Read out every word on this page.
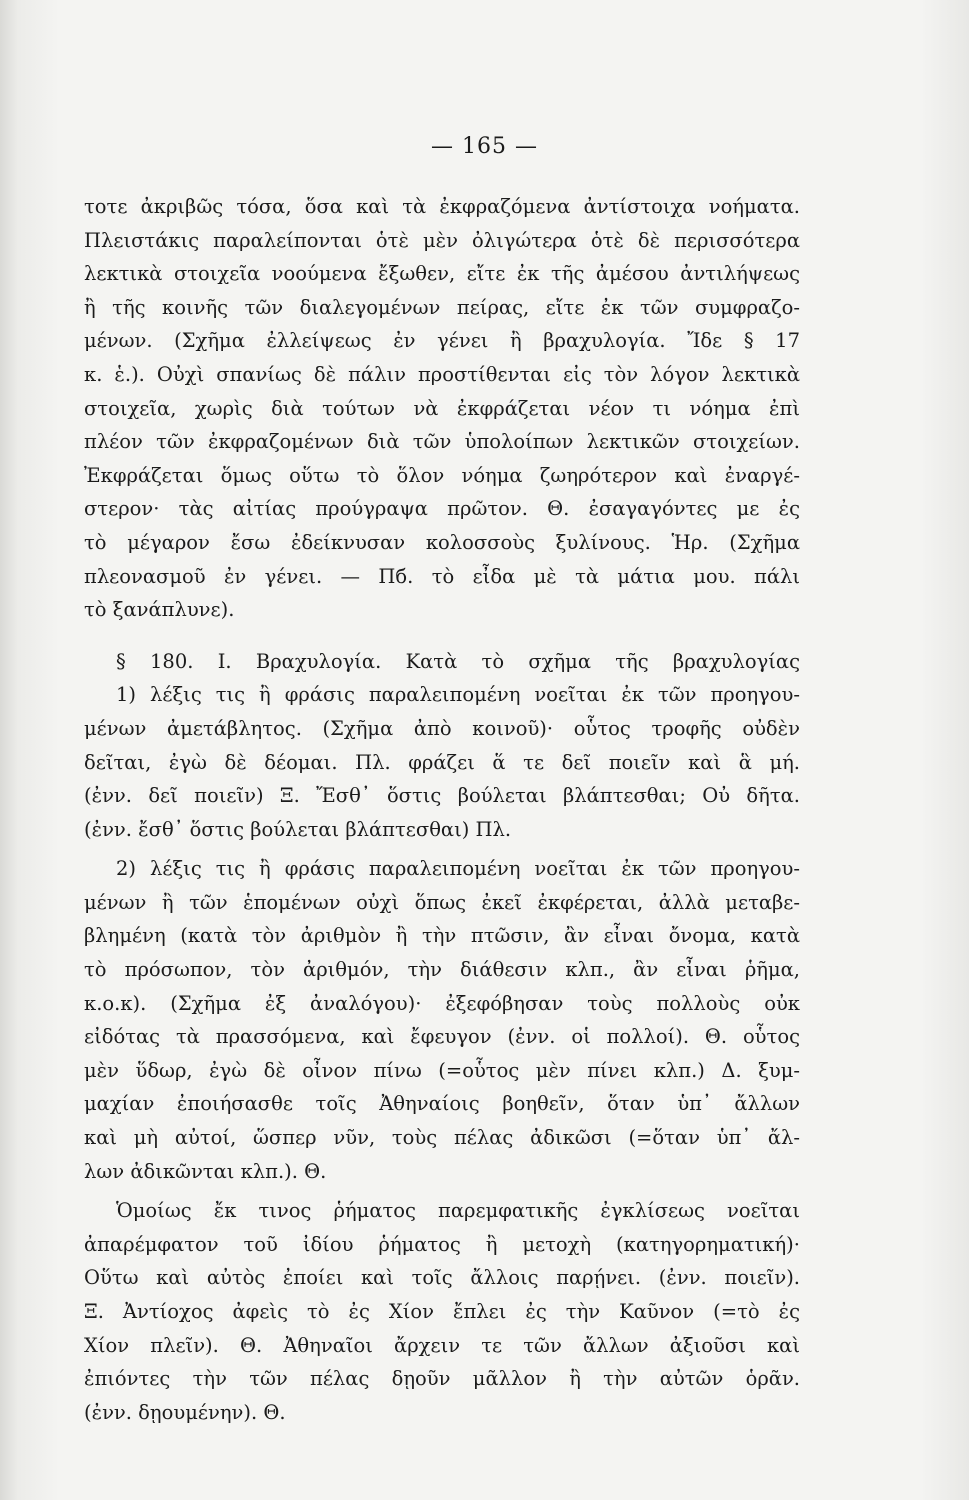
— 165 —
τοτε ἀκριβῶς τόσα, ὅσα καὶ τὰ ἐκφραζόμενα ἀντίστοιχα νοήματα.
Πλειστάκις παραλείπονται ὁτὲ μὲν ὀλιγώτερα ὁτὲ δὲ περισσότερα
λεκτικὰ στοιχεῖα νοούμενα ἔξωθεν, εἴτε ἐκ τῆς ἀμέσου ἀντιλήψεως
ἢ τῆς κοινῆς τῶν διαλεγομένων πείρας, εἴτε ἐκ τῶν συμφραζο-
μένων. (Σχῆμα ἐλλείψεως ἐν γένει ἢ βραχυλογία. Ἴδε § 17
κ. ἑ.). Οὐχὶ σπανίως δὲ πάλιν προστίθενται εἰς τὸν λόγον λεκτικὰ
στοιχεῖα, χωρὶς διὰ τούτων νὰ ἐκφράζεται νέον τι νόημα ἐπὶ
πλέον τῶν ἐκφραζομένων διὰ τῶν ὑπολοίπων λεκτικῶν στοιχείων.
Ἐκφράζεται ὅμως οὕτω τὸ ὅλον νόημα ζωηρότερον καὶ ἐναργέ-
στερον· τὰς αἰτίας προύγραψα πρῶτον. Θ. ἐσαγαγόντες με ἐς
τὸ μέγαρον ἔσω ἐδείκνυσαν κολοσσοὺς ξυλίνους. Ἡρ. (Σχῆμα
πλεονασμοῦ ἐν γένει. — Πб. τὸ εἶδα μὲ τὰ μάτια μου. πάλι
τὸ ξανάπλυνε).
§ 180. I. Βραχυλογία. Κατὰ τὸ σχῆμα τῆς βραχυλογίας
1) λέξις τις ἢ φράσις παραλειπομένη νοεῖται ἐκ τῶν προηγου-
μένων ἀμετάβλητος. (Σχῆμα ἀπὸ κοινοῦ)· οὗτος τροφῆς οὐδὲν
δεῖται, ἐγὼ δὲ δέομαι. Πλ. φράζει ἅ τε δεῖ ποιεῖν καὶ ἃ μή.
(ἐνν. δεῖ ποιεῖν) Ξ. Ἔσθ᾽ ὅστις βούλεται βλάπτεσθαι; Οὐ δῆτα.
(ἐνν. ἔσθ᾽ ὅστις βούλεται βλάπτεσθαι) Πλ.
2) λέξις τις ἢ φράσις παραλειπομένη νοεῖται ἐκ τῶν προηγου-
μένων ἢ τῶν ἑπομένων οὐχὶ ὅπως ἐκεῖ ἐκφέρεται, ἀλλὰ μεταβε-
βλημένη (κατὰ τὸν ἀριθμὸν ἢ τὴν πτῶσιν, ἂν εἶναι ὄνομα, κατὰ
τὸ πρόσωπον, τὸν ἀριθμόν, τὴν διάθεσιν κλπ., ἂν εἶναι ῥῆμα,
κ.ο.κ). (Σχῆμα ἐξ ἀναλόγου)· ἐξεφόβησαν τοὺς πολλοὺς οὐκ
εἰδότας τὰ πρασσόμενα, καὶ ἔφευγον (ἐνν. οἱ πολλοί). Θ. οὗτος
μὲν ὕδωρ, ἐγὼ δὲ οἶνον πίνω (=οὗτος μὲν πίνει κλπ.) Δ. ξυμ-
μαχίαν ἐποιήσασθε τοῖς Ἀθηναίοις βοηθεῖν, ὅταν ὑπ᾽ ἄλλων
καὶ μὴ αὐτοί, ὥσπερ νῦν, τοὺς πέλας ἀδικῶσι (=ὅταν ὑπ᾽ ἄλ-
λων ἀδικῶνται κλπ.). Θ.
Ὁμοίως ἔκ τινος ῥήματος παρεμφατικῆς ἐγκλίσεως νοεῖται
ἀπαρέμφατον τοῦ ἰδίου ῥήματος ἢ μετοχὴ (κατηγορηματική)·
Οὕτω καὶ αὐτὸς ἐποίει καὶ τοῖς ἄλλοις παρῄνει. (ἐνν. ποιεῖν).
Ξ. Ἀντίοχος ἀφεὶς τὸ ἐς Χίον ἔπλει ἐς τὴν Καῦνον (=τὸ ἐς
Χίον πλεῖν). Θ. Ἀθηναῖοι ἄρχειν τε τῶν ἄλλων ἀξιοῦσι καὶ
ἐπιόντες τὴν τῶν πέλας δῃοῦν μᾶλλον ἢ τὴν αὐτῶν ὁρᾶν.
(ἐνν. δῃουμένην). Θ.
